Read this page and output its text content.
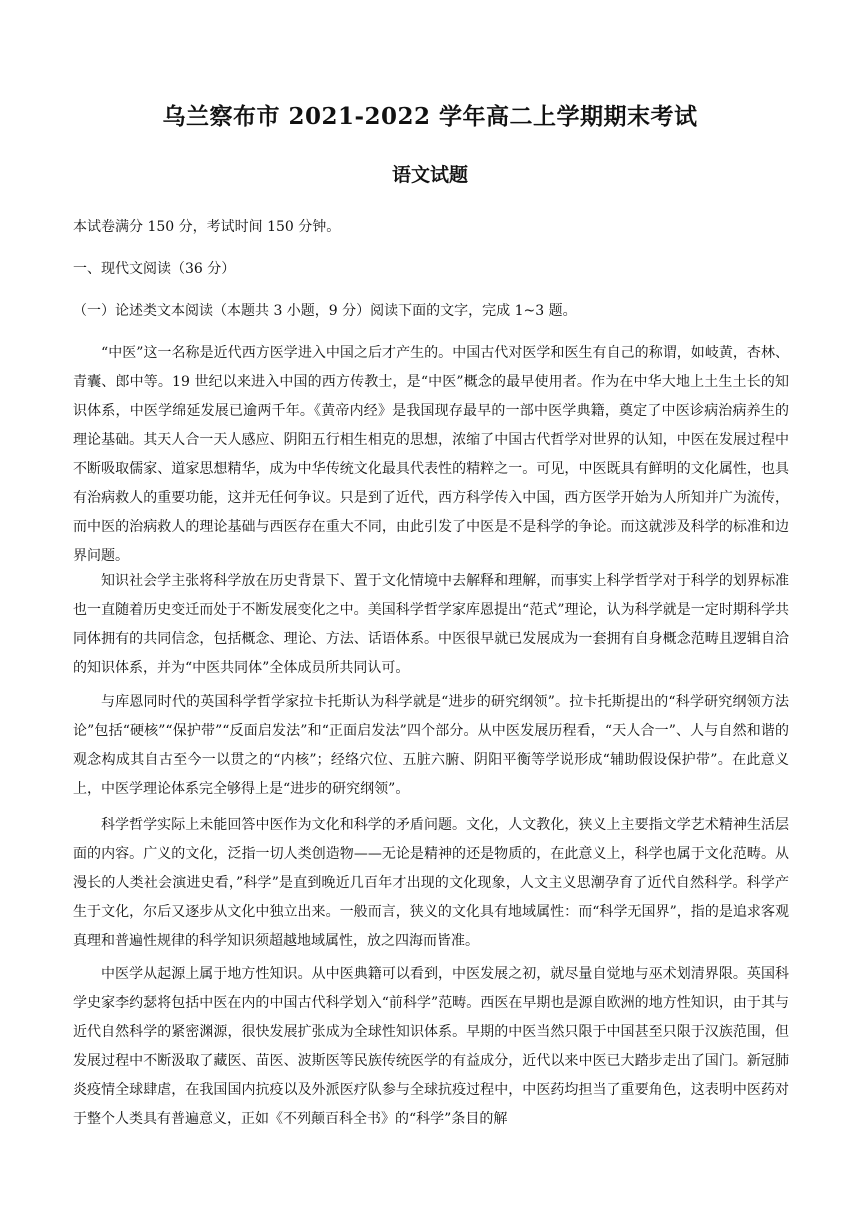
乌兰察布市 2021-2022 学年高二上学期期末考试
语文试题
本试卷满分 150 分，考试时间 150 分钟。
一、现代文阅读（36 分）
（一）论述类文本阅读（本题共 3 小题，9 分）阅读下面的文字，完成 1~3 题。
“中医”这一名称是近代西方医学进入中国之后才产生的。中国古代对医学和医生有自己的称谓，如岐黄，杏林、青囊、郎中等。19 世纪以来进入中国的西方传教士，是“中医”概念的最早使用者。作为在中华大地上土生土长的知识体系，中医学绵延发展已逾两千年。《黄帝内经》是我国现存最早的一部中医学典籍，奠定了中医诊病治病养生的理论基础。其天人合一天人感应、阴阳五行相生相克的思想，浓缩了中国古代哲学对世界的认知，中医在发展过程中不断吸取儒家、道家思想精华，成为中华传统文化最具代表性的精粹之一。可见，中医既具有鲜明的文化属性，也具有治病救人的重要功能，这并无任何争议。只是到了近代，西方科学传入中国，西方医学开始为人所知并广为流传，而中医的治病救人的理论基础与西医存在重大不同，由此引发了中医是不是科学的争论。而这就涉及科学的标准和边界问题。
知识社会学主张将科学放在历史背景下、置于文化情境中去解释和理解，而事实上科学哲学对于科学的划界标准也一直随着历史变迁而处于不断发展变化之中。美国科学哲学家库恩提出“范式”理论，认为科学就是一定时期科学共同体拥有的共同信念，包括概念、理论、方法、话语体系。中医很早就已发展成为一套拥有自身概念范畴且逻辑自洽的知识体系，并为“中医共同体”全体成员所共同认可。
与库恩同时代的英国科学哲学家拉卡托斯认为科学就是“进步的研究纲领”。拉卡托斯提出的“科学研究纲领方法论”包括“硬核”“保护带”“反面启发法”和“正面启发法”四个部分。从中医发展历程看，“天人合一”、人与自然和谐的观念构成其自古至今一以贯之的“内核”；经络穴位、五脏六腑、阴阳平衡等学说形成“辅助假设保护带”。在此意义上，中医学理论体系完全够得上是“进步的研究纲领”。
科学哲学实际上未能回答中医作为文化和科学的矛盾问题。文化，人文教化，狭义上主要指文学艺术精神生活层面的内容。广义的文化，泛指一切人类创造物——无论是精神的还是物质的，在此意义上，科学也属于文化范畴。从漫长的人类社会演进史看，”科学”是直到晚近几百年才出现的文化现象，人文主义思潮孕育了近代自然科学。科学产生于文化，尔后又逐步从文化中独立出来。一般而言，狭义的文化具有地域属性：而“科学无国界”，指的是追求客观真理和普遍性规律的科学知识须超越地域属性，放之四海而皆准。
中医学从起源上属于地方性知识。从中医典籍可以看到，中医发展之初，就尽量自觉地与巫术划清界限。英国科学史家李约瑟将包括中医在内的中国古代科学划入“前科学”范畴。西医在早期也是源自欧洲的地方性知识，由于其与近代自然科学的紧密渊源，很快发展扩张成为全球性知识体系。早期的中医当然只限于中国甚至只限于汉族范围，但发展过程中不断汲取了藏医、苗医、波斯医等民族传统医学的有益成分，近代以来中医已大踏步走出了国门。新冠肺炎疫情全球肆虐，在我国国内抗疫以及外派医疗队参与全球抗疫过程中，中医药均担当了重要角色，这表明中医药对于整个人类具有普遍意义，正如《不列颠百科全书》的“科学”条目的解
